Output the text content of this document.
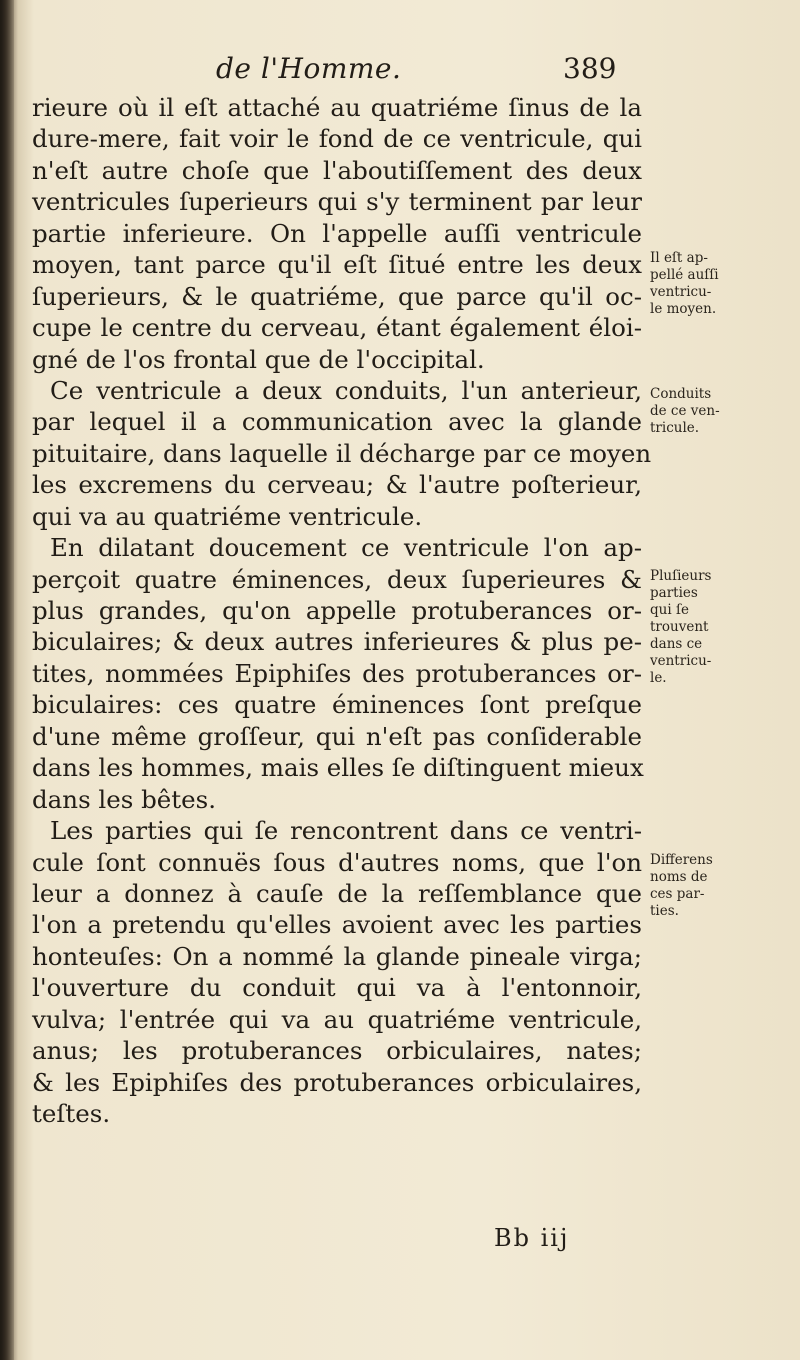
de l'Homme.	389
rieure où il eſt attaché au quatriéme ſinus de la
dure-mere, fait voir le fond de ce ventricule, qui
n'eſt autre choſe que l'aboutiſſement des deux
ventricules ſuperieurs qui s'y terminent par leur
partie inferieure. On l'appelle auſſi ventricule
moyen, tant parce qu'il eſt ſitué entre les deux
ſuperieurs, & le quatriéme, que parce qu'il oc-
cupe le centre du cerveau, étant également éloi-
gné de l'os frontal que de l'occipital.
Ce ventricule a deux conduits, l'un anterieur,
par lequel il a communication avec la glande
pituitaire, dans laquelle il décharge par ce moyen
les excremens du cerveau; & l'autre poſterieur,
qui va au quatriéme ventricule.
En dilatant doucement ce ventricule l'on ap-
perçoit quatre éminences, deux ſuperieures &
plus grandes, qu'on appelle protuberances or-
biculaires; & deux autres inferieures & plus pe-
tites, nommées Epiphiſes des protuberances or-
biculaires: ces quatre éminences ſont preſque
d'une même groſſeur, qui n'eſt pas conſiderable
dans les hommes, mais elles ſe diſtinguent mieux
dans les bêtes.
Les parties qui ſe rencontrent dans ce ventri-
cule ſont connuës ſous d'autres noms, que l'on
leur a donnez à cauſe de la reſſemblance que
l'on a pretendu qu'elles avoient avec les parties
honteuſes: On a nommé la glande pineale virga;
l'ouverture du conduit qui va à l'entonnoir,
vulva; l'entrée qui va au quatriéme ventricule,
anus; les protuberances orbiculaires, nates;
& les Epiphiſes des protuberances orbiculaires,
teſtes.
Il eſt ap-
pellé auſſi
ventricu-
le moyen.
Conduits
de ce ven-
tricule.
Pluſieurs
parties
qui ſe
trouvent
dans ce
ventricu-
le.
Differens
noms de
ces par-
ties.
Bb iij
